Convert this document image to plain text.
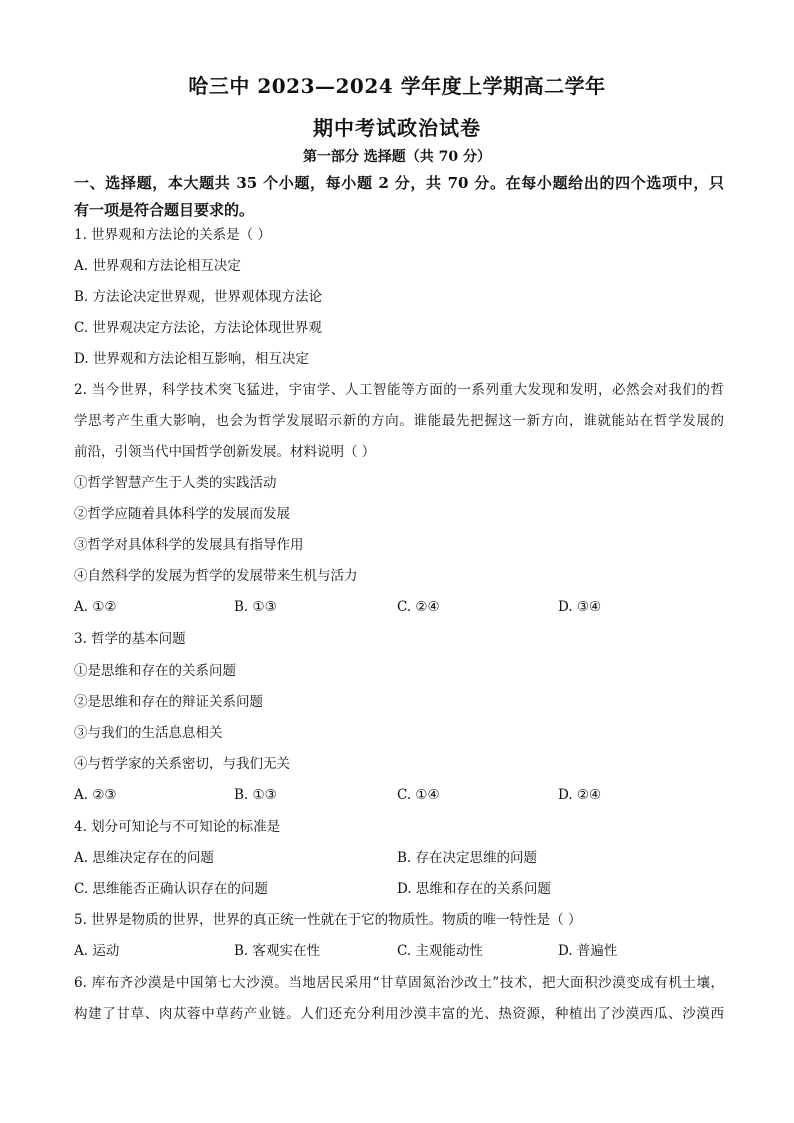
哈三中 2023—2024 学年度上学期高二学年
期中考试政治试卷
第一部分 选择题（共 70 分）
一、选择题，本大题共 35 个小题，每小题 2 分，共 70 分。在每小题给出的四个选项中，只
有一项是符合题目要求的。
1. 世界观和方法论的关系是（ ）
A. 世界观和方法论相互决定
B. 方法论决定世界观，世界观体现方法论
C. 世界观决定方法论，方法论体现世界观
D. 世界观和方法论相互影响，相互决定
2. 当今世界，科学技术突飞猛进，宇宙学、人工智能等方面的一系列重大发现和发明，必然会对我们的哲
学思考产生重大影响，也会为哲学发展昭示新的方向。谁能最先把握这一新方向，谁就能站在哲学发展的
前沿，引领当代中国哲学创新发展。材料说明（ ）
①哲学智慧产生于人类的实践活动
②哲学应随着具体科学的发展而发展
③哲学对具体科学的发展具有指导作用
④自然科学的发展为哲学的发展带来生机与活力
A. ①②	B. ①③	C. ②④	D. ③④
3. 哲学的基本问题
①是思维和存在的关系问题
②是思维和存在的辩证关系问题
③与我们的生活息息相关
④与哲学家的关系密切，与我们无关
A. ②③	B. ①③	C. ①④	D. ②④
4. 划分可知论与不可知论的标准是
A. 思维决定存在的问题	B. 存在决定思维的问题
C. 思维能否正确认识存在的问题	D. 思维和存在的关系问题
5. 世界是物质的世界，世界的真正统一性就在于它的物质性。物质的唯一特性是（ ）
A. 运动	B. 客观实在性	C. 主观能动性	D. 普遍性
6. 库布齐沙漠是中国第七大沙漠。当地居民采用“甘草固氮治沙改土”技术，把大面积沙漠变成有机土壤，
构建了甘草、肉苁蓉中草药产业链。人们还充分利用沙漠丰富的光、热资源，种植出了沙漠西瓜、沙漠西
